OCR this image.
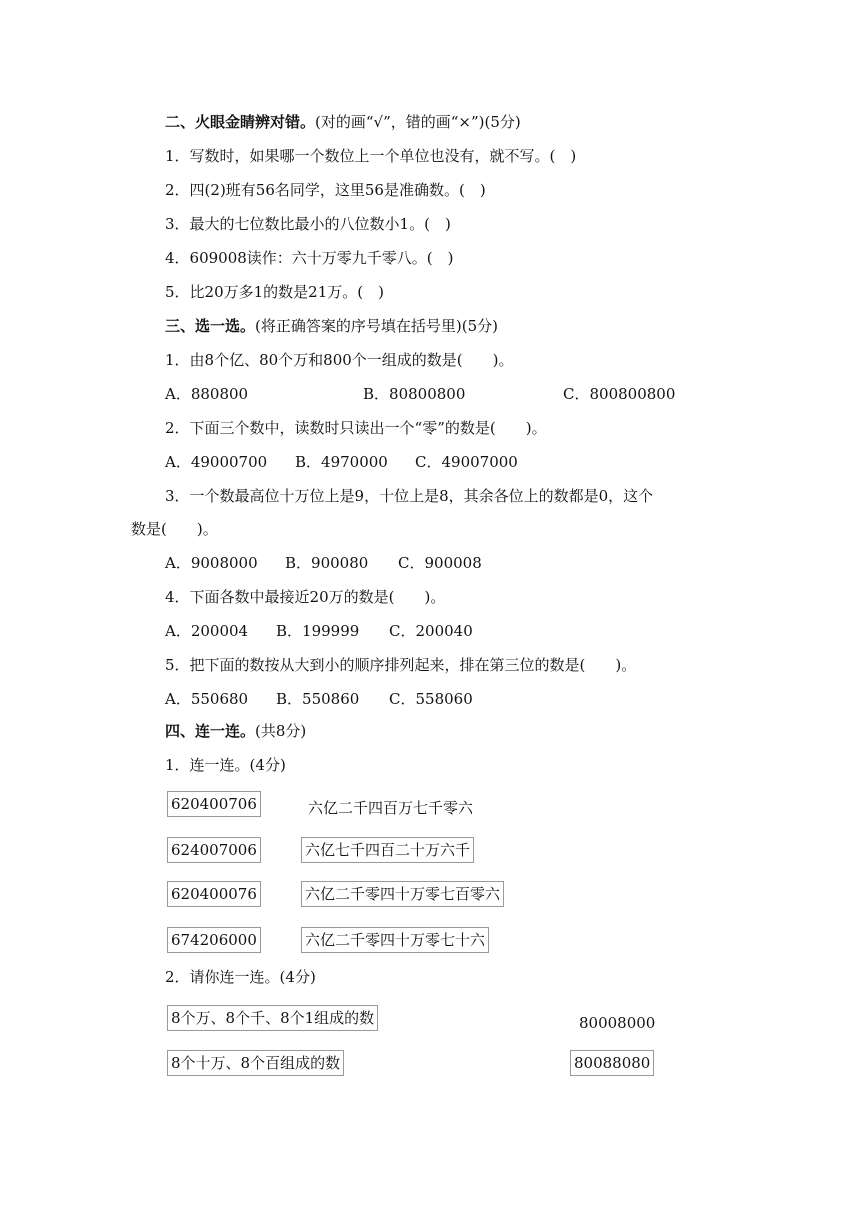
二、火眼金睛辨对错。(对的画“√”，错的画“×”)(5分)
1．写数时，如果哪一个数位上一个单位也没有，就不写。(　)
2．四(2)班有56名同学，这里56是准确数。(　)
3．最大的七位数比最小的八位数小1。(　)
4．609008读作：六十万零九千零八。(　)
5．比20万多1的数是21万。(　)
三、选一选。(将正确答案的序号填在括号里)(5分)
1．由8个亿、80个万和800个一组成的数是(　　)。
A．880800	B．80800800	C．800800800
2．下面三个数中，读数时只读出一个“零”的数是(　　)。
A．49000700 B．4970000 C．49007000
3．一个数最高位十万位上是9，十位上是8，其余各位上的数都是0，这个
数是(　　)。
A．9008000 B．900080 C．900008
4．下面各数中最接近20万的数是(　　)。
A．200004 B．199999 C．200040
5．把下面的数按从大到小的顺序排列起来，排在第三位的数是(　　)。
A．550680 B．550860 C．558060
四、连一连。(共8分)
1．连一连。(4分)
620400706
624007006
620400076
674206000
六亿二千四百万七千零六
六亿七千四百二十万六千
六亿二千零四十万零七百零六
六亿二千零四十万零七十六
2．请你连一连。(4分)
8个万、8个千、8个1组成的数
8个十万、8个百组成的数
80008000
80088080
